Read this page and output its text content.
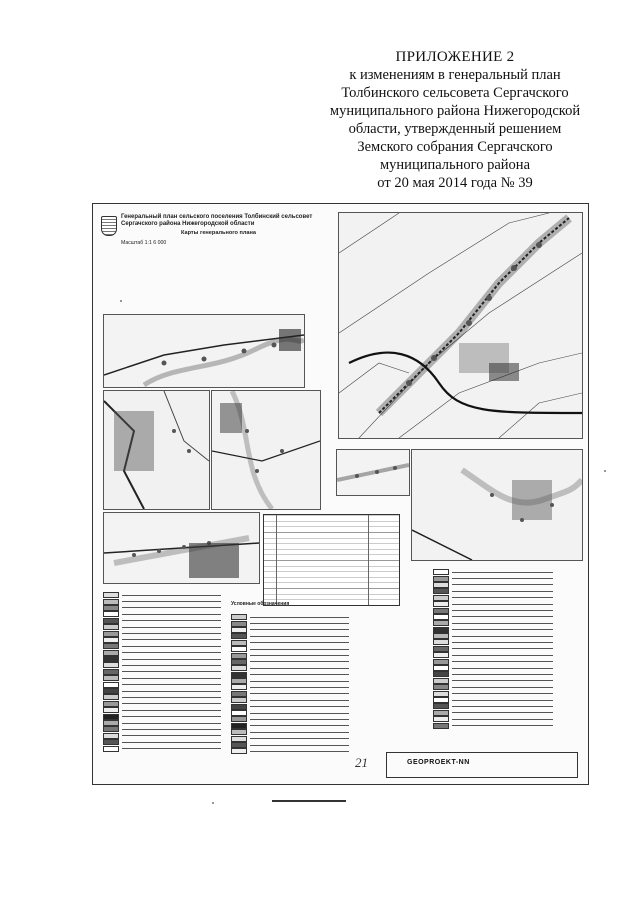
ПРИЛОЖЕНИЕ 2
к изменениям в генеральный план
Толбинского сельсовета Сергачского
муниципального района Нижегородской
области, утвержденный решением
Земского собрания Сергачского
муниципального района
от 20 мая 2014 года № 39
Генеральный план сельского поселения Толбинский сельсовет Сергачского района Нижегородской области
Карты генерального плана

Масштаб 1:1 6 000

Условные обозначения
21	GEOPROEKT-NN
